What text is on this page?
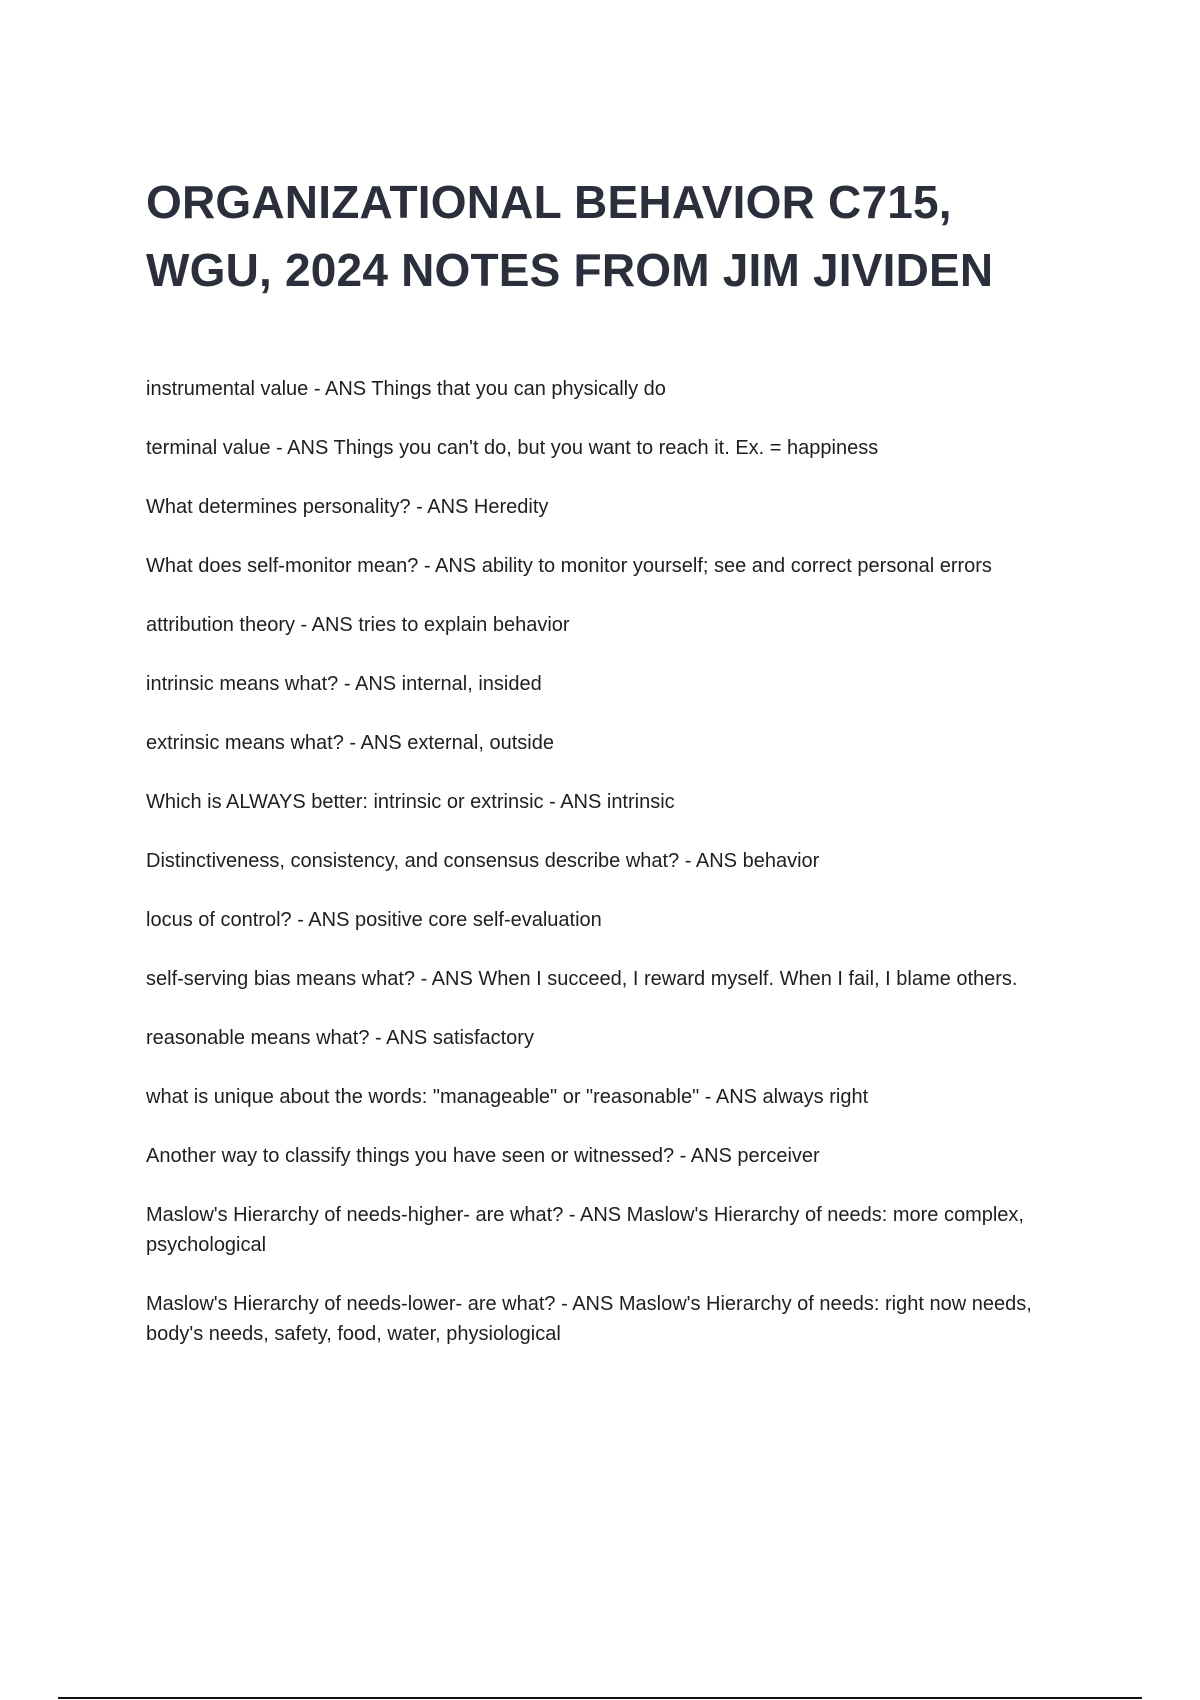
ORGANIZATIONAL BEHAVIOR C715, WGU, 2024 NOTES FROM JIM JIVIDEN

instrumental value - ANS Things that you can physically do

terminal value - ANS Things you can't do, but you want to reach it. Ex. = happiness

What determines personality? - ANS Heredity

What does self-monitor mean? - ANS ability to monitor yourself; see and correct personal errors

attribution theory - ANS tries to explain behavior

intrinsic means what? - ANS internal, insided

extrinsic means what? - ANS external, outside

Which is ALWAYS better: intrinsic or extrinsic - ANS intrinsic

Distinctiveness, consistency, and consensus describe what? - ANS behavior

locus of control? - ANS positive core self-evaluation

self-serving bias means what? - ANS When I succeed, I reward myself. When I fail, I blame others.

reasonable means what? - ANS satisfactory

what is unique about the words: "manageable" or "reasonable" - ANS always right

Another way to classify things you have seen or witnessed? - ANS perceiver

Maslow's Hierarchy of needs-higher- are what? - ANS Maslow's Hierarchy of needs: more complex, psychological

Maslow's Hierarchy of needs-lower- are what? - ANS Maslow's Hierarchy of needs: right now needs, body's needs, safety, food, water, physiological
